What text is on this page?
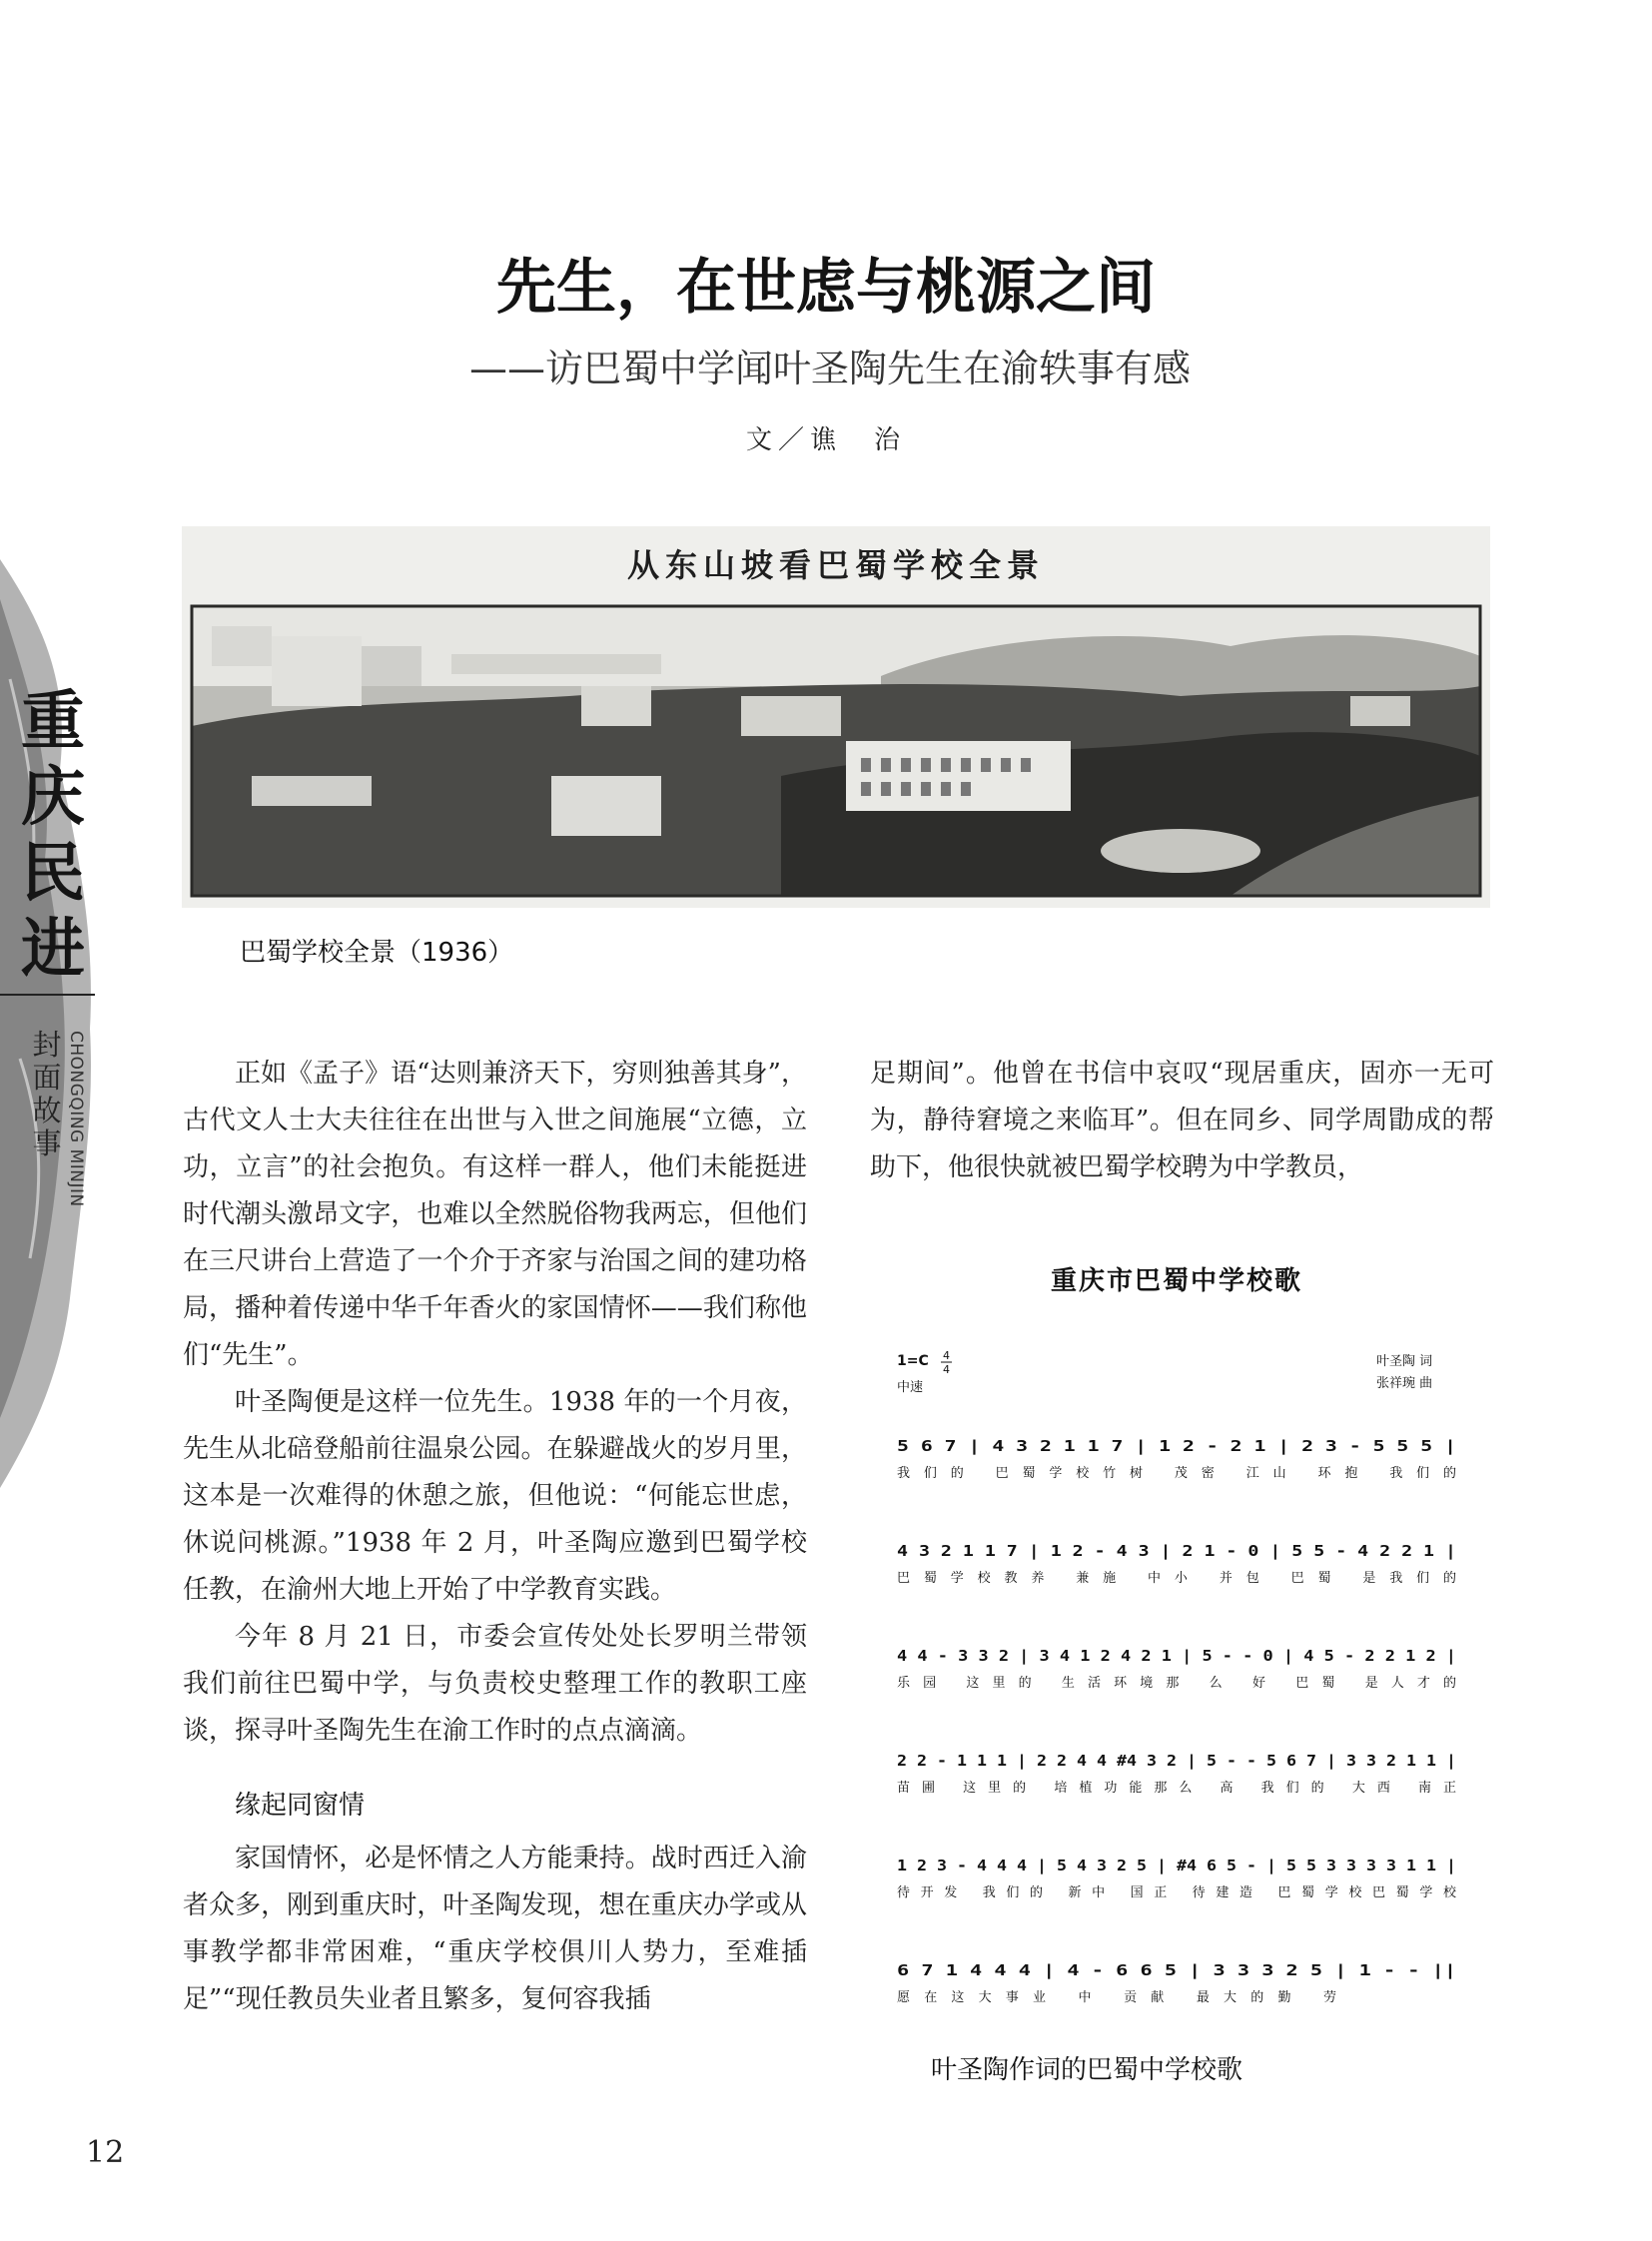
重
庆
民
进
封
面
故
事 CHONGQING MINJIN
先生，在世虑与桃源之间
——访巴蜀中学闻叶圣陶先生在渝轶事有感
文／谯　治
从东山坡看巴蜀学校全景
巴蜀学校全景（1936）

正如《孟子》语“达则兼济天下，穷则独善其身”，古代文人士大夫往往在出世与入世之间施展“立德，立功，立言”的社会抱负。有这样一群人，他们未能挺进时代潮头激昂文字，也难以全然脱俗物我两忘，但他们在三尺讲台上营造了一个介于齐家与治国之间的建功格局，播种着传递中华千年香火的家国情怀——我们称他们“先生”。

叶圣陶便是这样一位先生。1938 年的一个月夜，先生从北碚登船前往温泉公园。在躲避战火的岁月里，这本是一次难得的休憩之旅，但他说：“何能忘世虑，休说问桃源。”1938 年 2 月，叶圣陶应邀到巴蜀学校任教，在渝州大地上开始了中学教育实践。

今年 8 月 21 日，市委会宣传处处长罗明兰带领我们前往巴蜀中学，与负责校史整理工作的教职工座谈，探寻叶圣陶先生在渝工作时的点点滴滴。

缘起同窗情

家国情怀，必是怀情之人方能秉持。战时西迁入渝者众多，刚到重庆时，叶圣陶发现，想在重庆办学或从事教学都非常困难，“重庆学校俱川人势力，至难插足”“现任教员失业者且繁多，复何容我插

足期间”。他曾在书信中哀叹“现居重庆，固亦一无可为，静待窘境之来临耳”。但在同乡、同学周勖成的帮助下，他很快就被巴蜀学校聘为中学教员，

重庆市巴蜀中学校歌
1=C 4
4
中速
叶圣陶 词
张祥琬 曲
5 6 7 | 4 3 2 1 1 7 | 1 2 - 2 1 | 2 3 - 5 5 5 |
我们的 巴蜀学校竹树 茂密 江山 环抱 我们的
4 3 2 1 1 7 | 1 2 - 4 3 | 2 1 - 0 | 5 5 - 4 2 2 1 |
巴蜀学校教养 兼施 中小 并包 巴蜀 是我们的
4 4 - 3 3 2 | 3 4 1 2 4 2 1 | 5 - - 0 | 4 5 - 2 2 1 2 |
乐园 这里的 生活环境那 么 好 巴蜀 是人才的
2 2 - 1 1 1 | 2 2 4 4 #4 3 2 | 5 - - 5 6 7 | 3 3 2 1 1 |
苗圃 这里的 培植功能那么 高 我们的 大西 南正
1 2 3 - 4 4 4 | 5 4 3 2 5 | #4 6 5 - | 5 5 3 3 3 3 1 1 |
待开发 我们的 新中 国正 待建造 巴蜀学校巴蜀学校
6 7 1 4 4 4 | 4 - 6 6 5 | 3 3 3 2 5 | 1 - - ||
愿在这大事业 中 贡献 最大的勤 劳
叶圣陶作词的巴蜀中学校歌
12
